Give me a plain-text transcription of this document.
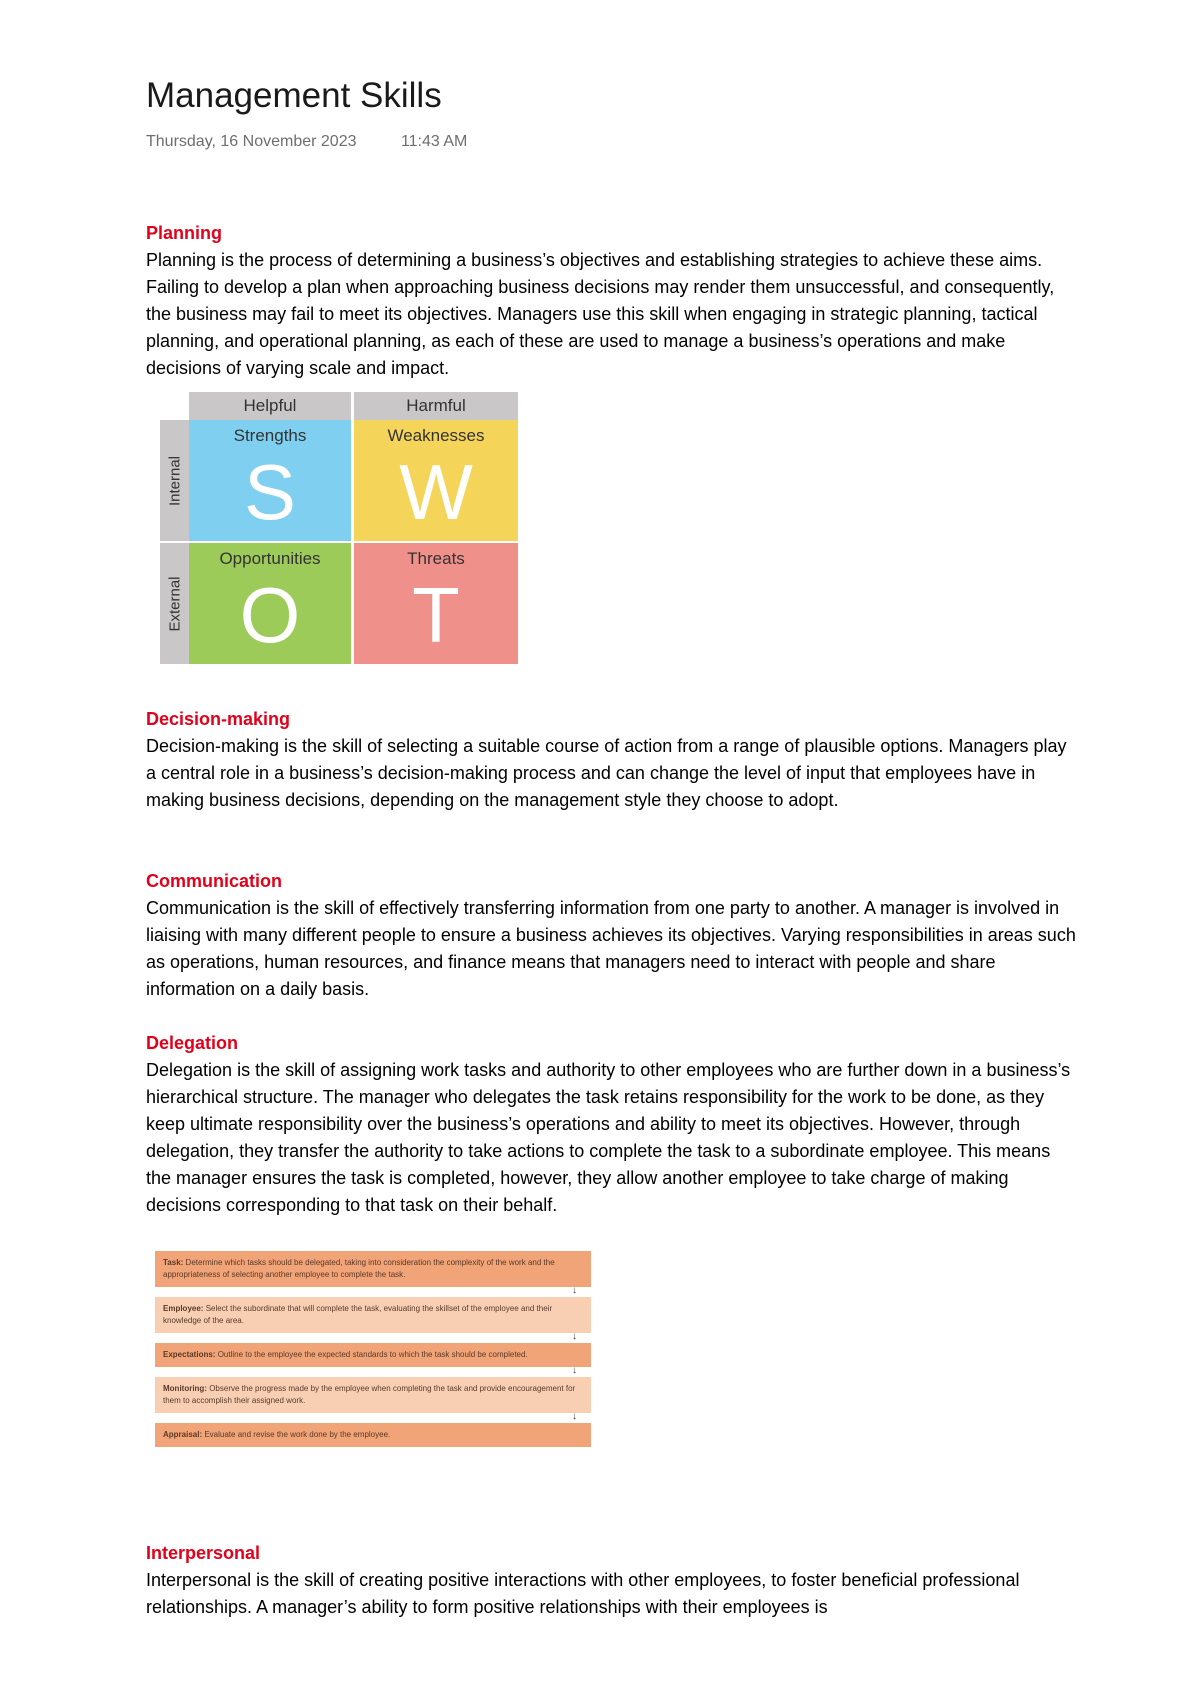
Management Skills
Thursday, 16 November 2023	11:43 AM
Planning

Planning is the process of determining a business’s objectives and establishing strategies to achieve these aims. Failing to develop a plan when approaching business decisions may render them unsuccessful, and consequently, the business may fail to meet its objectives. Managers use this skill when engaging in strategic planning, tactical planning, and operational planning, as each of these are used to manage a business’s operations and make decisions of varying scale and impact.

Helpful	Harmful
Internal
External
Strengths
S
Weaknesses
W
Opportunities
O
Threats
T
Decision-making

Decision-making is the skill of selecting a suitable course of action from a range of plausible options. Managers play a central role in a business’s decision-making process and can change the level of input that employees have in making business decisions, depending on the management style they choose to adopt.

Communication

Communication is the skill of effectively transferring information from one party to another. A manager is involved in liaising with many different people to ensure a business achieves its objectives. Varying responsibilities in areas such as operations, human resources, and finance means that managers need to interact with people and share information on a daily basis.

Delegation

Delegation is the skill of assigning work tasks and authority to other employees who are further down in a business’s hierarchical structure. The manager who delegates the task retains responsibility for the work to be done, as they keep ultimate responsibility over the business’s operations and ability to meet its objectives. However, through delegation, they transfer the authority to take actions to complete the task to a subordinate employee. This means the manager ensures the task is completed, however, they allow another employee to take charge of making decisions corresponding to that task on their behalf.

Task: Determine which tasks should be delegated, taking into consideration the complexity of the work and the appropriateness of selecting another employee to complete the task.
↓
Employee: Select the subordinate that will complete the task, evaluating the skillset of the employee and their knowledge of the area.
↓
Expectations: Outline to the employee the expected standards to which the task should be completed.
↓
Monitoring: Observe the progress made by the employee when completing the task and provide encouragement for them to accomplish their assigned work.
↓
Appraisal: Evaluate and revise the work done by the employee.
Interpersonal

Interpersonal is the skill of creating positive interactions with other employees, to foster beneficial professional relationships. A manager’s ability to form positive relationships with their employees is
